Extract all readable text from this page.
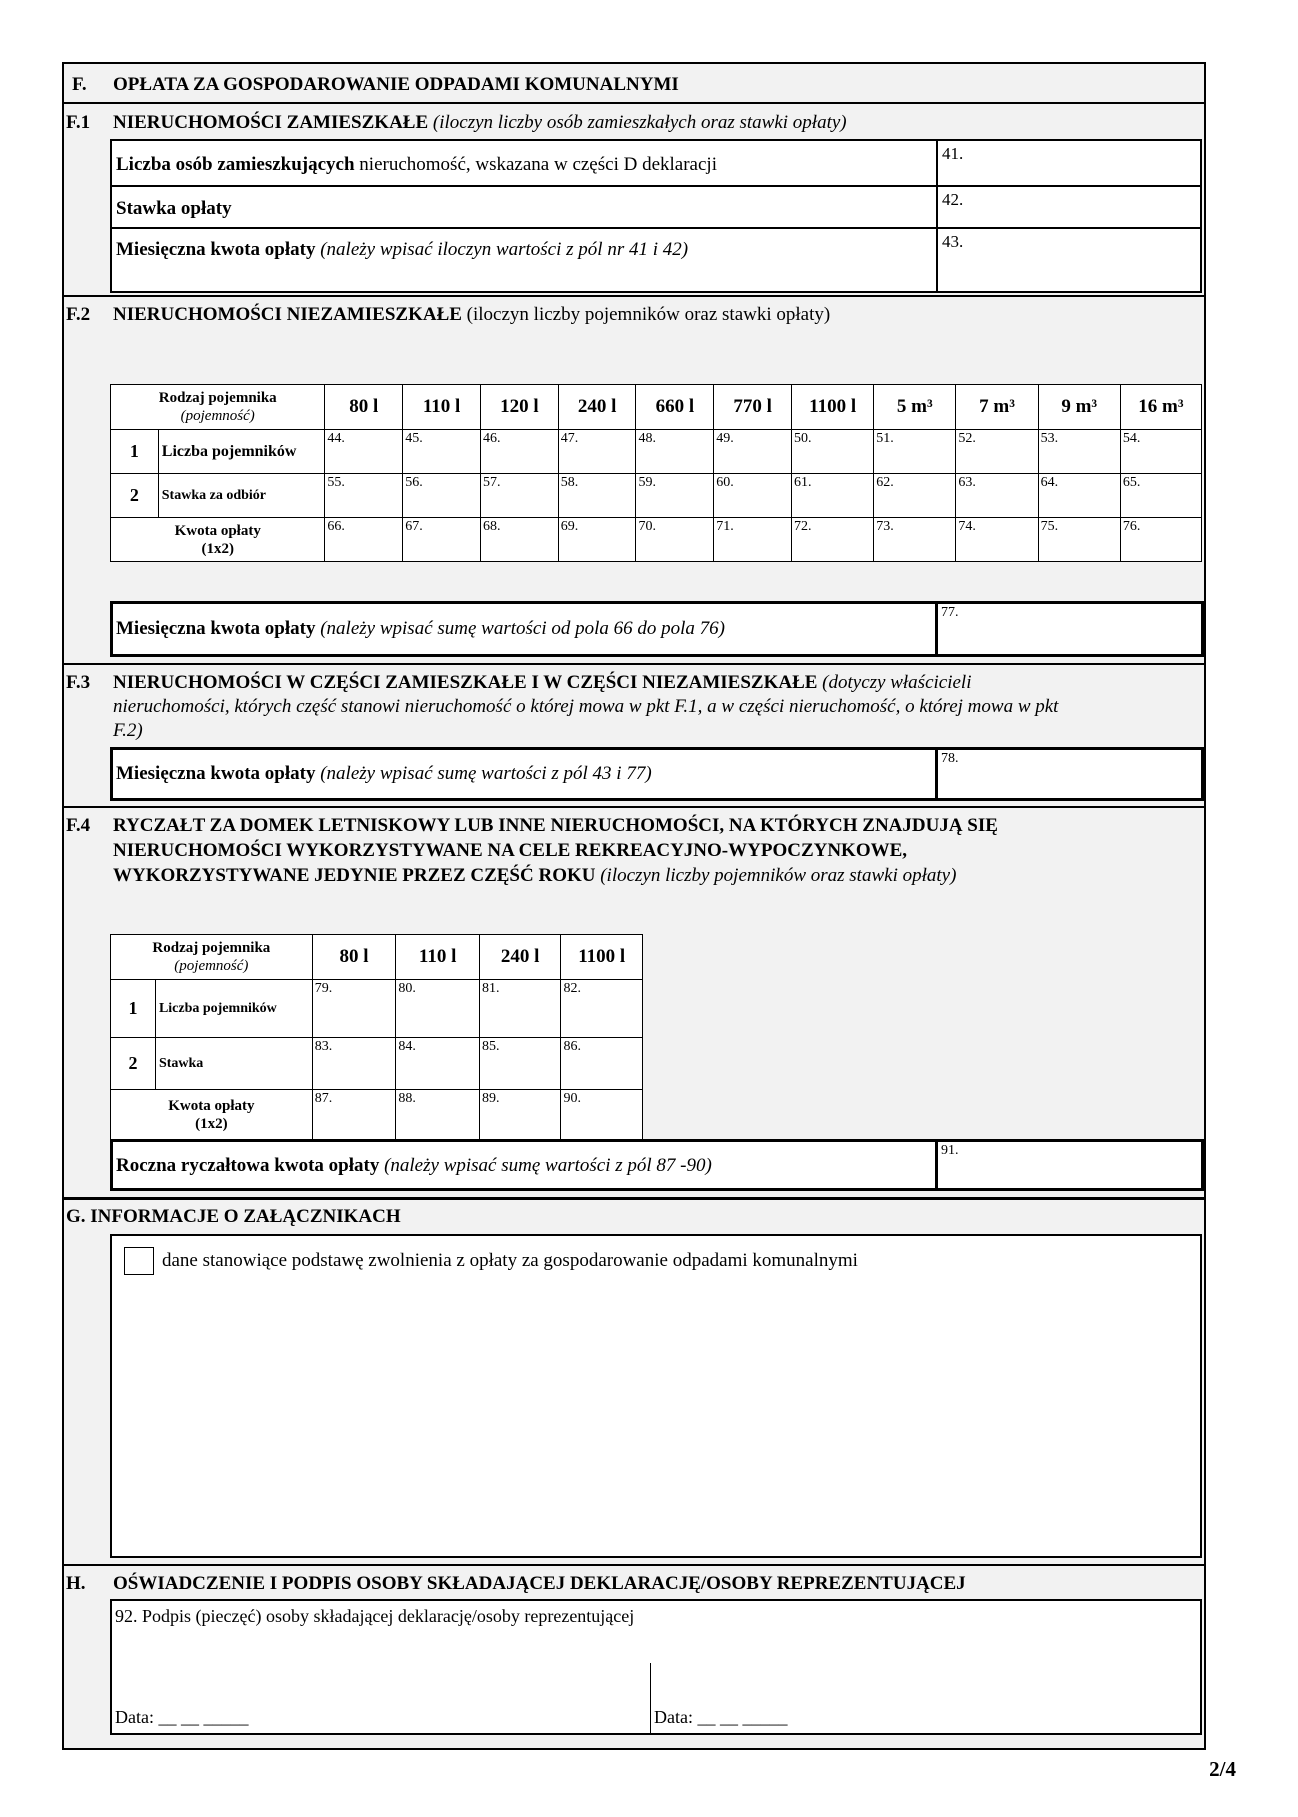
F. OPŁATA ZA GOSPODAROWANIE ODPADAMI KOMUNALNYMI
F.1 NIERUCHOMOŚCI ZAMIESZKAŁE (iloczyn liczby osób zamieszkałych oraz stawki opłaty)
Liczba osób zamieszkujących nieruchomość, wskazana w części D deklaracji
41.
Stawka opłaty	42.
Miesięczna kwota opłaty (należy wpisać iloczyn wartości z pól nr 41 i 42)	43.
F.2 NIERUCHOMOŚCI NIEZAMIESZKAŁE (iloczyn liczby pojemników oraz stawki opłaty)
Rodzaj pojemnika
(pojemność)		80 l	110 l	120 l	240 l	660 l	770 l	1100 l	5 m³	7 m³	9 m³	16 m³
1	Liczba pojemników	44.	45.	46.	47.	48.	49.	50.	51.	52.	53.	54.

2	Stawka za odbiór	55.	56.	57.	58.	59.	60.	61.	62.	63.	64.	65.

Kwota opłaty
(1x2)		66.	67.	68.	69.	70.	71.	72.	73.	74.	75.	76.
Miesięczna kwota opłaty (należy wpisać sumę wartości od pola 66 do pola 76)
77.
F.3 NIERUCHOMOŚCI W CZĘŚCI ZAMIESZKAŁE I W CZĘŚCI NIEZAMIESZKAŁE (dotyczy właścicieli
nieruchomości, których część stanowi nieruchomość o której mowa w pkt F.1, a w części nieruchomość, o której mowa w pkt
F.2)
Miesięczna kwota opłaty (należy wpisać sumę wartości z pól 43 i 77)
78.
F.4 RYCZAŁT ZA DOMEK LETNISKOWY LUB INNE NIERUCHOMOŚCI, NA KTÓRYCH ZNAJDUJĄ SIĘ
NIERUCHOMOŚCI WYKORZYSTYWANE NA CELE REKREACYJNO-WYPOCZYNKOWE,
WYKORZYSTYWANE JEDYNIE PRZEZ CZĘŚĆ ROKU (iloczyn liczby pojemników oraz stawki opłaty)
Rodzaj pojemnika
(pojemność)		80 l	110 l	240 l	1100 l
1	Liczba pojemników	79.	80.	81.	82.

2	Stawka	83.	84.	85.	86.

Kwota opłaty
(1x2)		87.	88.	89.	90.
Roczna ryczałtowa kwota opłaty (należy wpisać sumę wartości z pól 87 -90)
91.
G. INFORMACJE O ZAŁĄCZNIKACH
dane stanowiące podstawę zwolnienia z opłaty za gospodarowanie odpadami komunalnymi
H. OŚWIADCZENIE I PODPIS OSOBY SKŁADAJĄCEJ DEKLARACJĘ/OSOBY REPREZENTUJĄCEJ
92. Podpis (pieczęć) osoby składającej deklarację/osoby reprezentującej
Data: __ __ _____	Data: __ __ _____
2/4
